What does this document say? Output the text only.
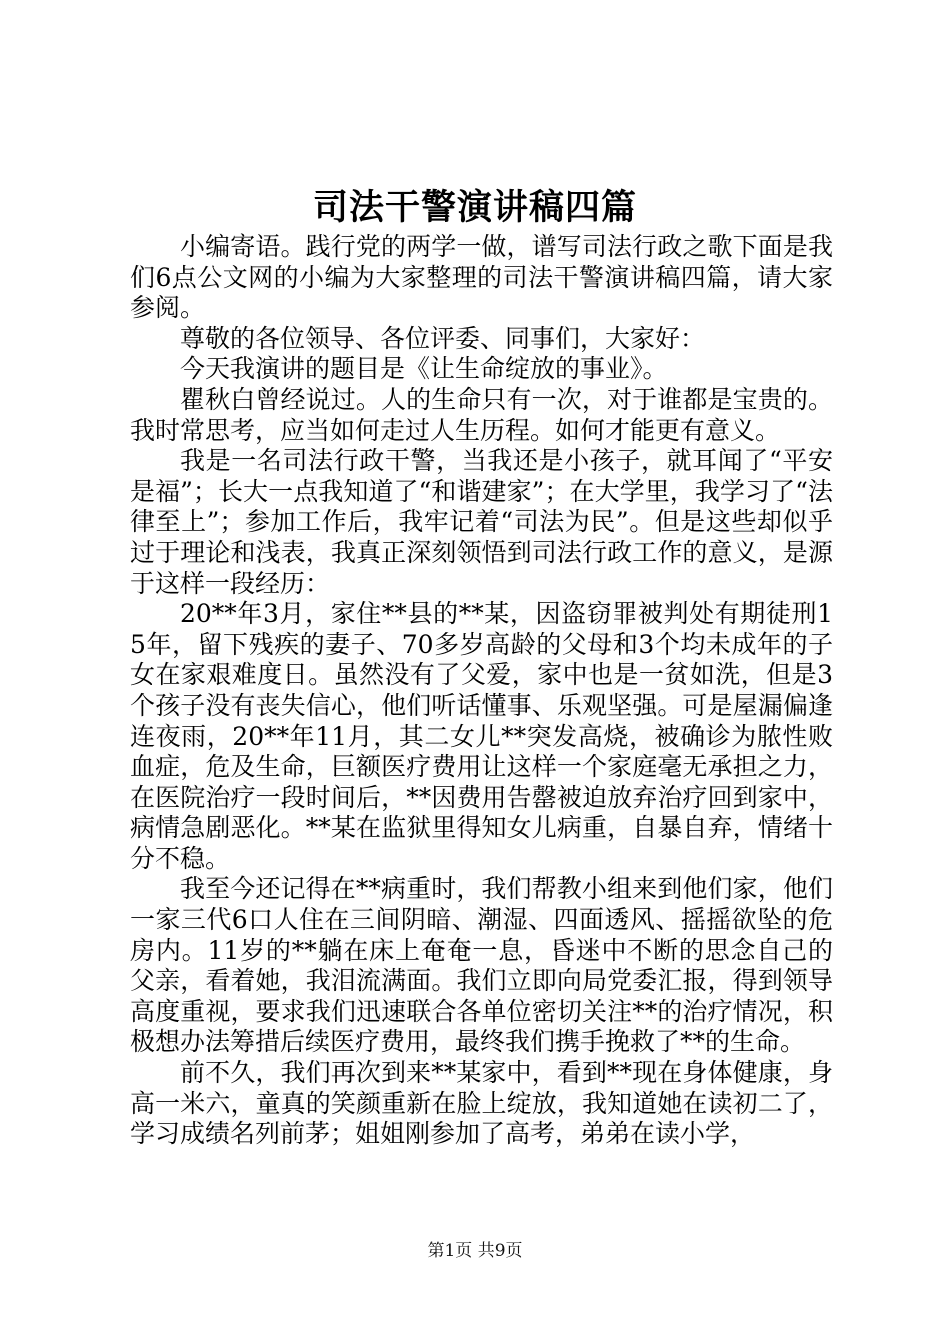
司法干警演讲稿四篇

小编寄语。践行党的两学一做，谱写司法行政之歌下面是我们6点公文网的小编为大家整理的司法干警演讲稿四篇，请大家参阅。

尊敬的各位领导、各位评委、同事们，大家好：

今天我演讲的题目是《让生命绽放的事业》。

瞿秋白曾经说过。人的生命只有一次，对于谁都是宝贵的。我时常思考，应当如何走过人生历程。如何才能更有意义。

我是一名司法行政干警，当我还是小孩子，就耳闻了“平安是福”；长大一点我知道了“和谐建家”；在大学里，我学习了“法律至上”；参加工作后，我牢记着“司法为民”。但是这些却似乎过于理论和浅表，我真正深刻领悟到司法行政工作的意义，是源于这样一段经历：

20**年3月，家住**县的**某，因盗窃罪被判处有期徒刑15年，留下残疾的妻子、70多岁高龄的父母和3个均未成年的子女在家艰难度日。虽然没有了父爱，家中也是一贫如洗，但是3个孩子没有丧失信心，他们听话懂事、乐观坚强。可是屋漏偏逢连夜雨，20**年11月，其二女儿**突发高烧，被确诊为脓性败血症，危及生命，巨额医疗费用让这样一个家庭毫无承担之力，在医院治疗一段时间后，**因费用告罄被迫放弃治疗回到家中，病情急剧恶化。**某在监狱里得知女儿病重，自暴自弃，情绪十分不稳。

我至今还记得在**病重时，我们帮教小组来到他们家，他们一家三代6口人住在三间阴暗、潮湿、四面透风、摇摇欲坠的危房内。11岁的**躺在床上奄奄一息，昏迷中不断的思念自己的父亲，看着她，我泪流满面。我们立即向局党委汇报，得到领导高度重视，要求我们迅速联合各单位密切关注**的治疗情况，积极想办法筹措后续医疗费用，最终我们携手挽救了**的生命。

前不久，我们再次到来**某家中，看到**现在身体健康，身高一米六，童真的笑颜重新在脸上绽放，我知道她在读初二了，学习成绩名列前茅；姐姐刚参加了高考，弟弟在读小学，

第1页 共9页
